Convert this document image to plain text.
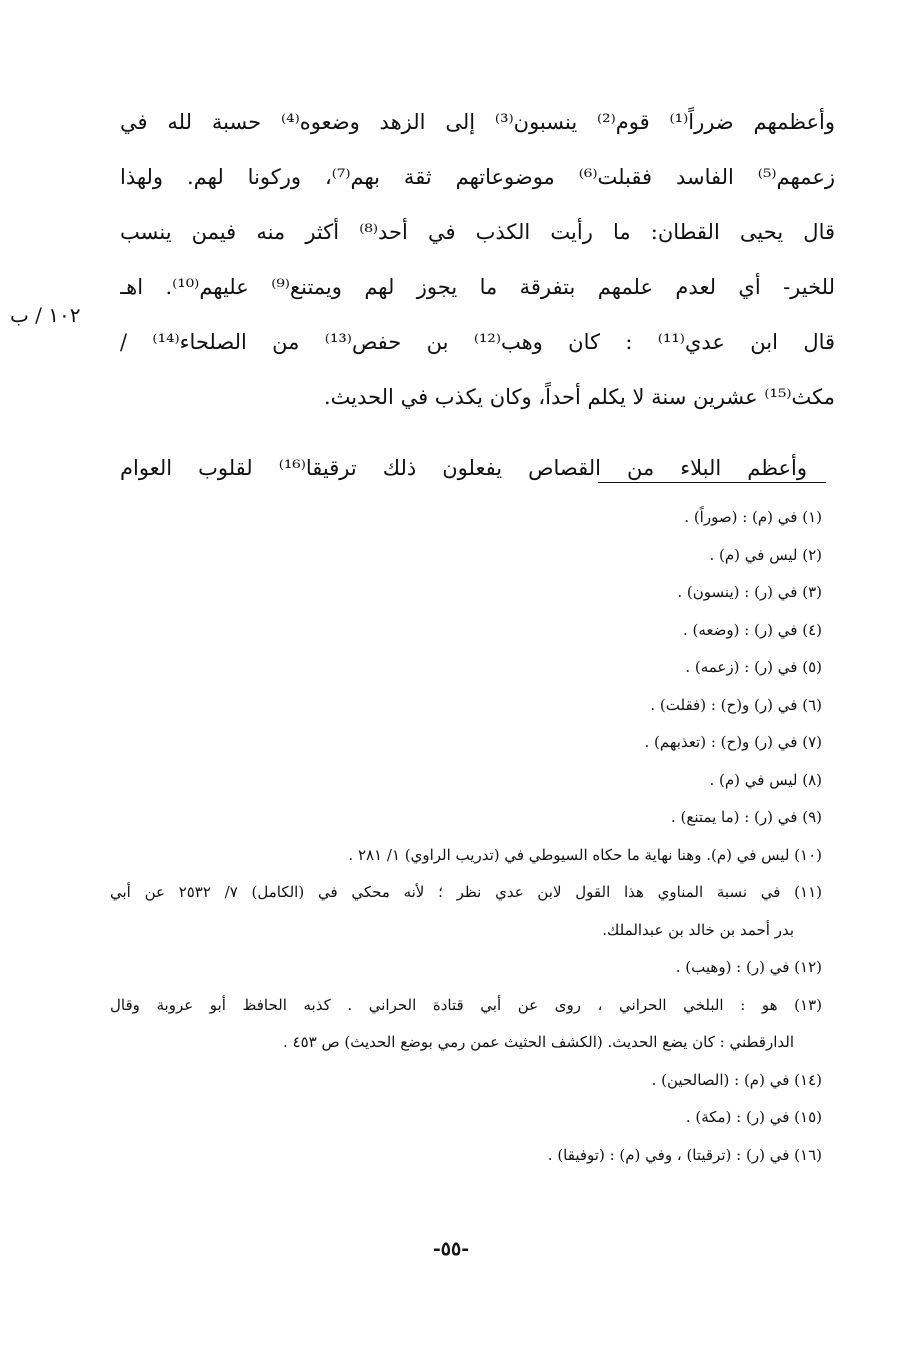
وأعظمهم ضرراً⁽¹⁾ قوم⁽²⁾ ينسبون⁽³⁾ إلى الزهد وضعوه⁽⁴⁾ حسبة لله في
زعمهم⁽⁵⁾ الفاسد فقبلت⁽⁶⁾ موضوعاتهم ثقة بهم⁽⁷⁾، وركونا لهم. ولهذا
قال يحيى القطان: ما رأيت الكذب في أحد⁽⁸⁾ أكثر منه فيمن ينسب
للخير- أي لعدم علمهم بتفرقة ما يجوز لهم ويمتنع⁽⁹⁾ عليهم⁽¹⁰⁾. اهـ
قال ابن عدي⁽¹¹⁾ : كان وهب⁽¹²⁾ بن حفص⁽¹³⁾ من الصلحاء⁽¹⁴⁾ /
مكث⁽¹⁵⁾ عشرين سنة لا يكلم أحداً، وكان يكذب في الحديث.
وأعظم البلاء من القصاص يفعلون ذلك ترقيقا⁽¹⁶⁾ لقلوب العوام
١٠٢ / ب
(١) في (م) : (صوراً) .
(٢) ليس في (م) .
(٣) في (ر) : (ينسون) .
(٤) في (ر) : (وضعه) .
(٥) في (ر) : (زعمه) .
(٦) في (ر) و(ح) : (فقلت) .
(٧) في (ر) و(ح) : (تعذبهم) .
(٨) ليس في (م) .
(٩) في (ر) : (ما يمتنع) .
(١٠) ليس في (م). وهنا نهاية ما حكاه السيوطي في (تدريب الراوي) ١/ ٢٨١ .
(١١) في نسبة المناوي هذا القول لابن عدي نظر ؛ لأنه محكي في (الكامل) ٧/ ٢٥٣٢ عن أبي
بدر أحمد بن خالد بن عبدالملك.
(١٢) في (ر) : (وهيب) .
(١٣) هو : البلخي الحراني ، روى عن أبي قتادة الحراني . كذبه الحافظ أبو عروبة وقال
الدارقطني : كان يضع الحديث. (الكشف الحثيث عمن رمي بوضع الحديث) ص ٤٥٣ .
(١٤) في (م) : (الصالحين) .
(١٥) في (ر) : (مكة) .
(١٦) في (ر) : (ترقيتا) ، وفي (م) : (توفيقا) .
-٥٥-
